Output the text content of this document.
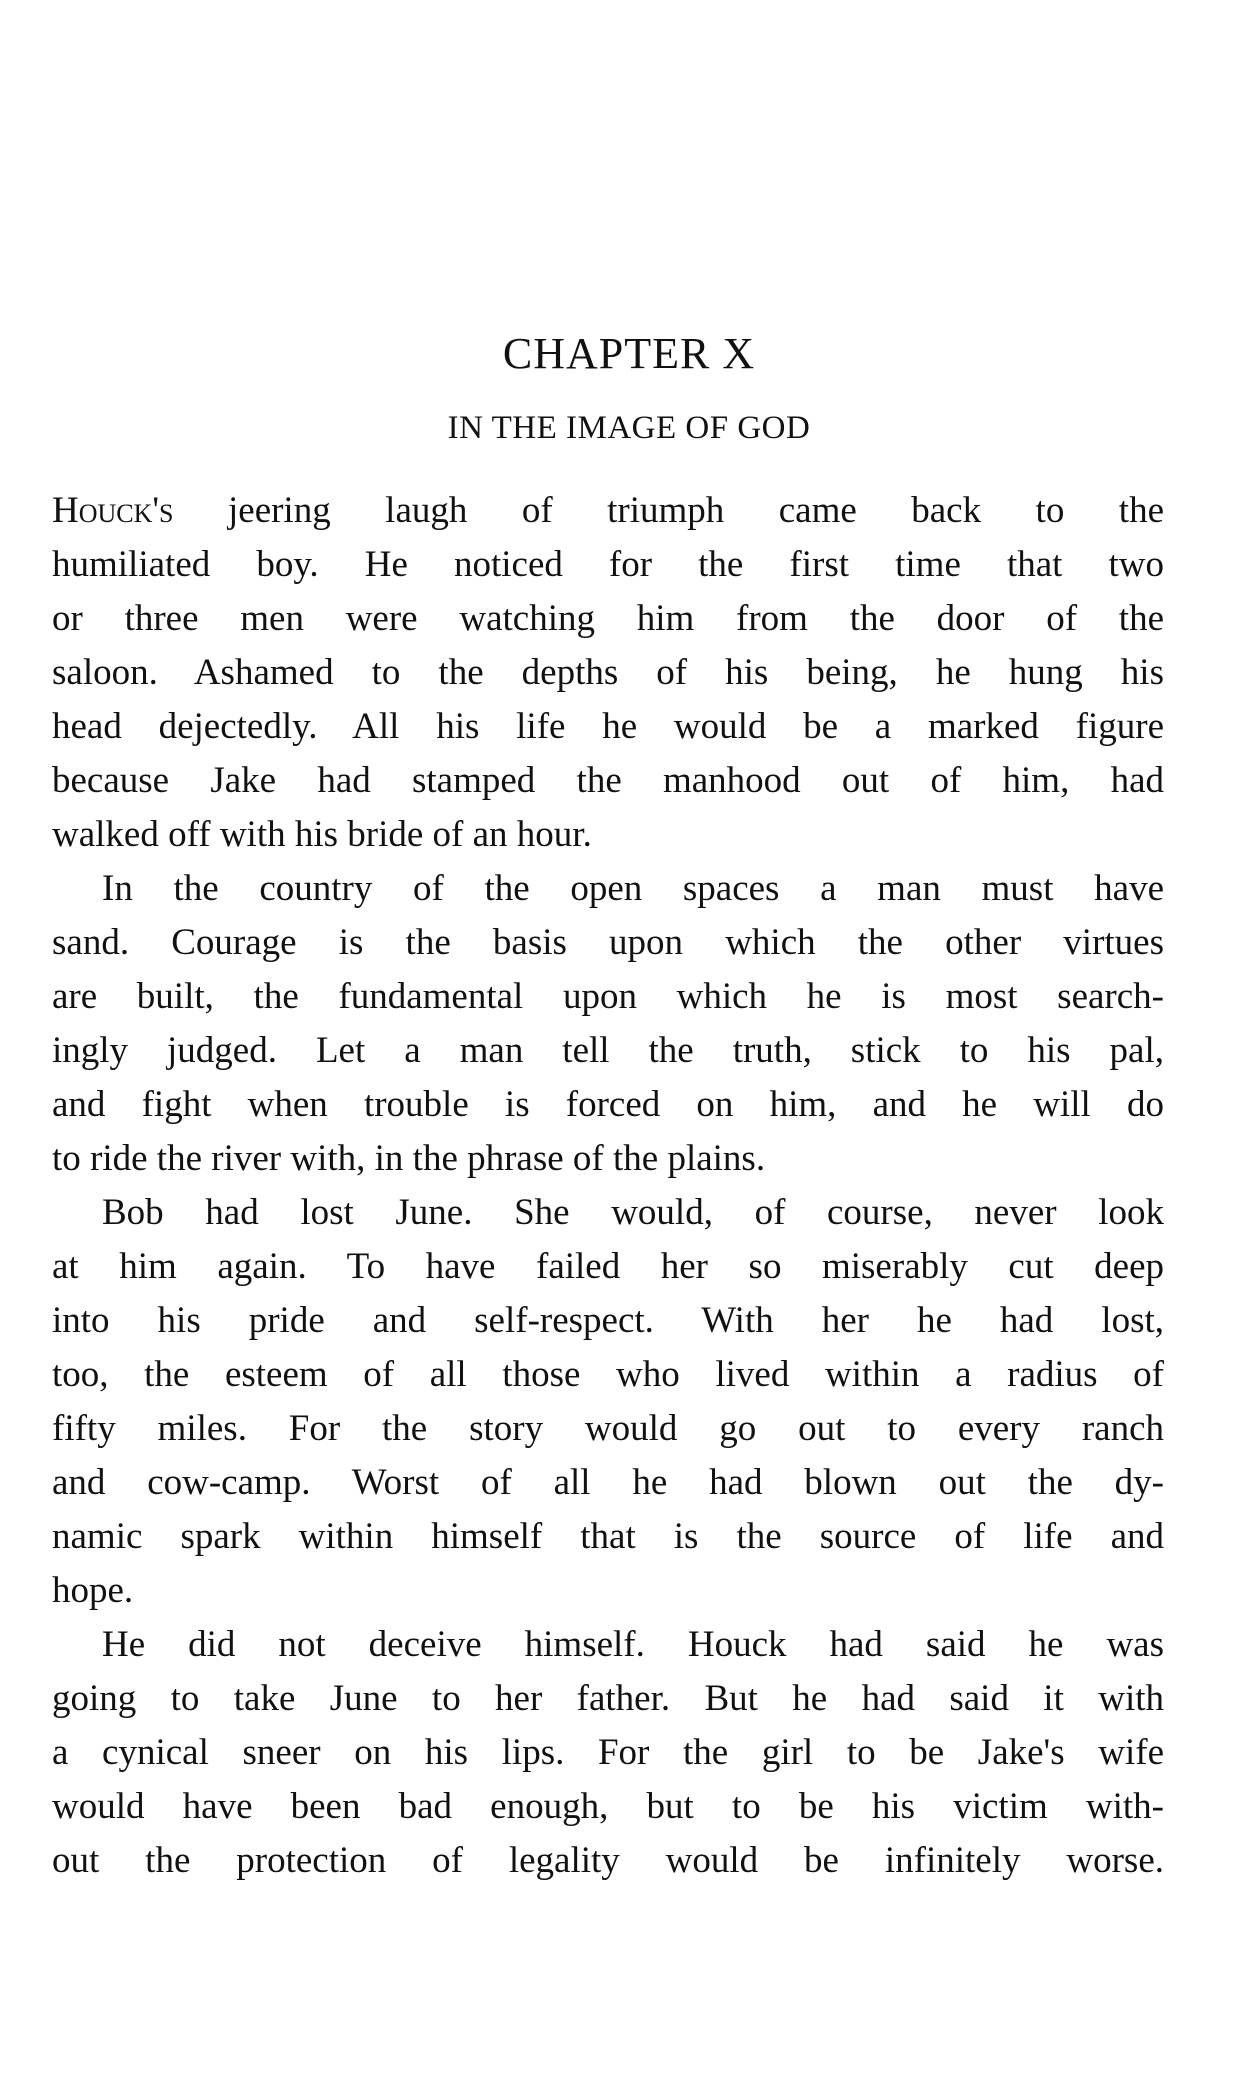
CHAPTER X
IN THE IMAGE OF GOD
Houck's jeering laugh of triumph came back to the
humiliated boy. He noticed for the first time that two
or three men were watching him from the door of the
saloon. Ashamed to the depths of his being, he hung his
head dejectedly. All his life he would be a marked figure
because Jake had stamped the manhood out of him, had
walked off with his bride of an hour.
In the country of the open spaces a man must have
sand. Courage is the basis upon which the other virtues
are built, the fundamental upon which he is most search-
ingly judged. Let a man tell the truth, stick to his pal,
and fight when trouble is forced on him, and he will do
to ride the river with, in the phrase of the plains.
Bob had lost June. She would, of course, never look
at him again. To have failed her so miserably cut deep
into his pride and self-respect. With her he had lost,
too, the esteem of all those who lived within a radius of
fifty miles. For the story would go out to every ranch
and cow-camp. Worst of all he had blown out the dy-
namic spark within himself that is the source of life and
hope.
He did not deceive himself. Houck had said he was
going to take June to her father. But he had said it with
a cynical sneer on his lips. For the girl to be Jake's wife
would have been bad enough, but to be his victim with-
out the protection of legality would be infinitely worse.
